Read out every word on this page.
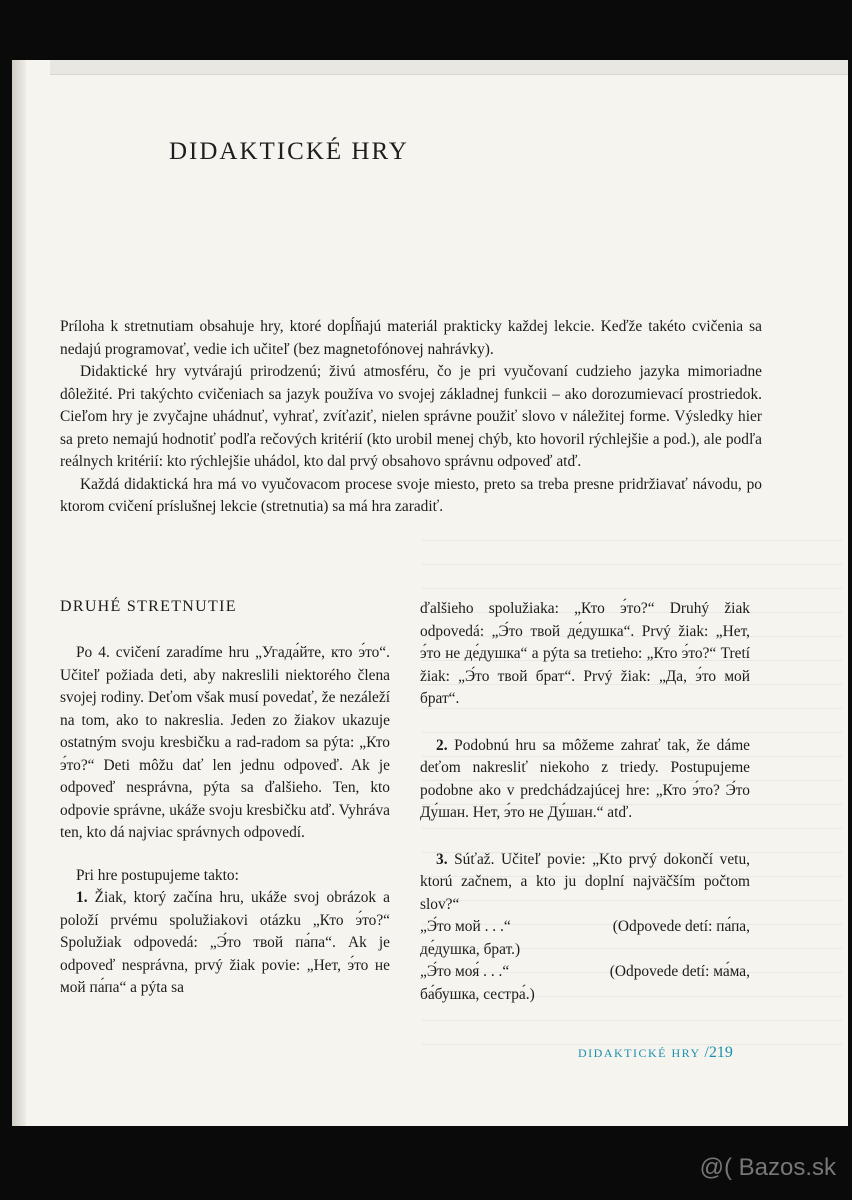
DIDAKTICKÉ HRY

Príloha k stretnutiam obsahuje hry, ktoré dopĺňajú materiál prakticky každej lekcie. Keďže takéto cvičenia sa nedajú programovať, vedie ich učiteľ (bez magnetofónovej nahrávky).

Didaktické hry vytvárajú prirodzenú; živú atmosféru, čo je pri vyučovaní cudzieho jazyka mimoriadne dôležité. Pri takýchto cvičeniach sa jazyk používa vo svojej základnej funkcii – ako dorozumievací prostriedok. Cieľom hry je zvyčajne uhádnuť, vyhrať, zvíťaziť, nielen správne použiť slovo v náležitej forme. Výsledky hier sa preto nemajú hodnotiť podľa rečových kritérií (kto urobil menej chýb, kto hovoril rýchlejšie a pod.), ale podľa reálnych kritérií: kto rýchlejšie uhádol, kto dal prvý obsahovo správnu odpoveď atď.

Každá didaktická hra má vo vyučovacom procese svoje miesto, preto sa treba presne pridržiavať návodu, po ktorom cvičení príslušnej lekcie (stretnutia) sa má hra zaradiť.

DRUHÉ STRETNUTIE

Po 4. cvičení zaradíme hru „Угада́йте, кто э́то“. Učiteľ požiada deti, aby nakreslili niektorého člena svojej rodiny. Deťom však musí povedať, že nezáleží na tom, ako to nakreslia. Jeden zo žiakov ukazuje ostatným svoju kresbičku a rad-radom sa pýta: „Кто э́то?“ Deti môžu dať len jednu odpoveď. Ak je odpoveď nesprávna, pýta sa ďalšieho. Ten, kto odpovie správne, ukáže svoju kresbičku atď. Vyhráva ten, kto dá najviac správnych odpovedí.

Pri hre postupujeme takto:

1. Žiak, ktorý začína hru, ukáže svoj obrázok a položí prvému spolužiakovi otázku „Кто э́то?“ Spolužiak odpovedá: „Э́то твой па́па“. Ak je odpoveď nesprávna, prvý žiak povie: „Нет, э́то не мой па́па“ a pýta sa

ďalšieho spolužiaka: „Кто э́то?“ Druhý žiak odpovedá: „Э́то твой де́душка“. Prvý žiak: „Нет, э́то не де́душка“ a pýta sa tretieho: „Кто э́то?“ Tretí žiak: „Э́то твой брат“. Prvý žiak: „Да, э́то мой брат“.

2. Podobnú hru sa môžeme zahrať tak, že dáme deťom nakresliť niekoho z triedy. Postupujeme podobne ako v predchádzajúcej hre: „Кто э́то? Э́то Ду́шан. Нет, э́то не Ду́шан.“ atď.

3. Súťaž. Učiteľ povie: „Kto prvý dokončí vetu, ktorú začnem, a kto ju doplní najväčším počtom slov?“

„Э́то мой . . .“	(Odpovede detí: па́па,
де́душка, брат.)
„Э́то моя́ . . .“	(Odpovede detí: ма́ма,
ба́бушка, сестра́.)
DIDAKTICKÉ HRY /219
@( Bazos.sk
